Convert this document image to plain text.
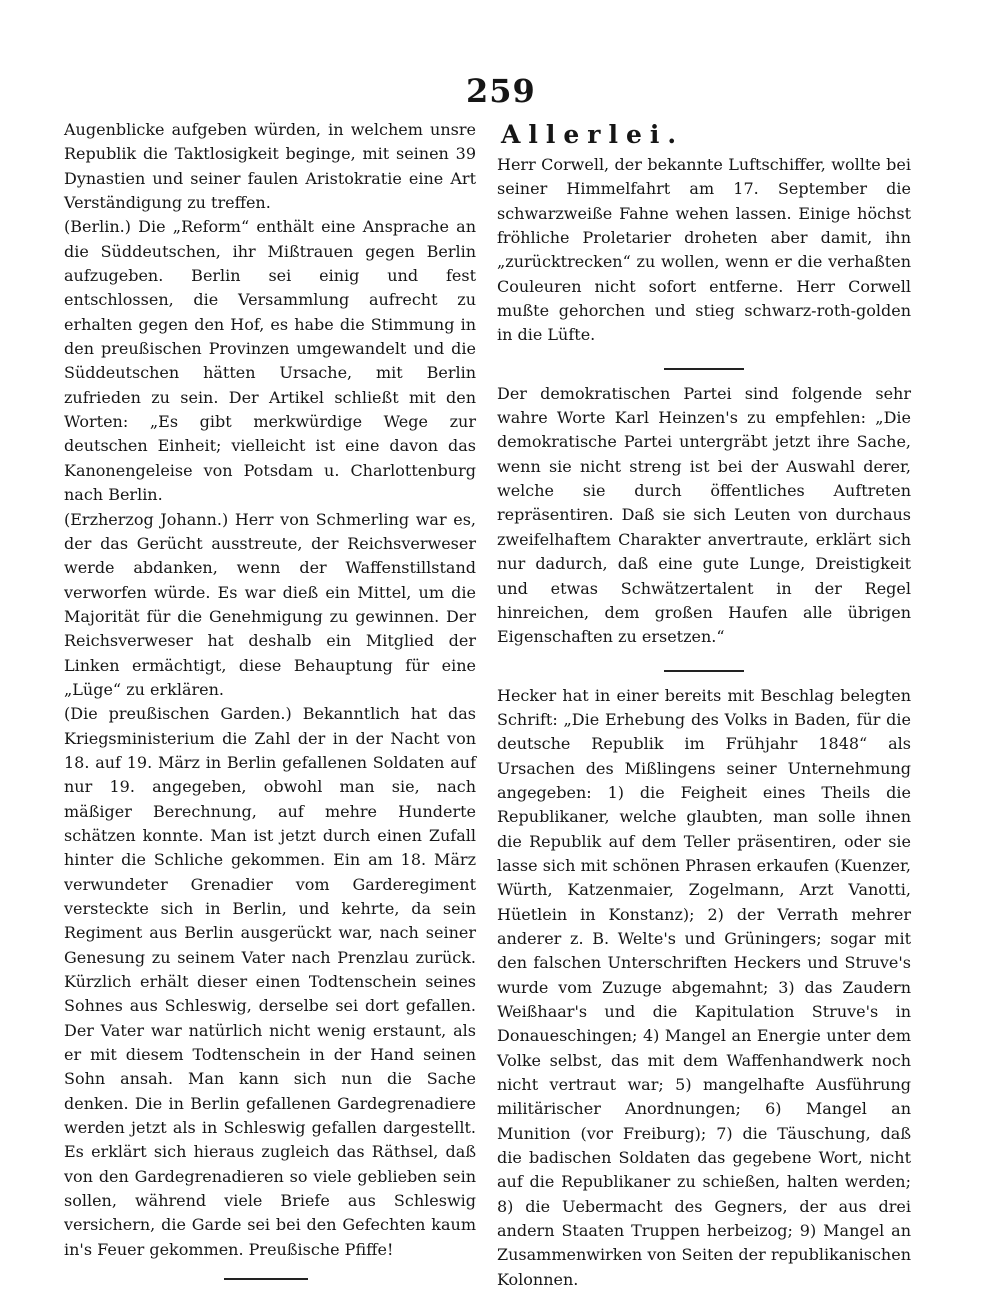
259

Augenblicke aufgeben würden, in welchem unsre Republik die Taktlosigkeit beginge, mit seinen 39 Dynastien und seiner faulen Aristokratie eine Art Verständigung zu treffen.

(Berlin.) Die „Reform“ enthält eine Ansprache an die Süddeutschen, ihr Mißtrauen gegen Berlin aufzugeben. Berlin sei einig und fest entschlossen, die Versammlung aufrecht zu erhalten gegen den Hof, es habe die Stimmung in den preußischen Provinzen umgewandelt und die Süddeutschen hätten Ursache, mit Berlin zufrieden zu sein. Der Artikel schließt mit den Worten: „Es gibt merkwürdige Wege zur deutschen Einheit; vielleicht ist eine davon das Kanonengeleise von Potsdam u. Charlottenburg nach Berlin.

(Erzherzog Johann.) Herr von Schmerling war es, der das Gerücht ausstreute, der Reichsverweser werde abdanken, wenn der Waffenstillstand verworfen würde. Es war dieß ein Mittel, um die Majorität für die Genehmigung zu gewinnen. Der Reichsverweser hat deshalb ein Mitglied der Linken ermächtigt, diese Behauptung für eine „Lüge“ zu erklären.

(Die preußischen Garden.) Bekanntlich hat das Kriegsministerium die Zahl der in der Nacht von 18. auf 19. März in Berlin gefallenen Soldaten auf nur 19. angegeben, obwohl man sie, nach mäßiger Berechnung, auf mehre Hunderte schätzen konnte. Man ist jetzt durch einen Zufall hinter die Schliche gekommen. Ein am 18. März verwundeter Grenadier vom Garderegiment versteckte sich in Berlin, und kehrte, da sein Regiment aus Berlin ausgerückt war, nach seiner Genesung zu seinem Vater nach Prenzlau zurück. Kürzlich erhält dieser einen Todtenschein seines Sohnes aus Schleswig, derselbe sei dort gefallen. Der Vater war natürlich nicht wenig erstaunt, als er mit diesem Todtenschein in der Hand seinen Sohn ansah. Man kann sich nun die Sache denken. Die in Berlin gefallenen Gardegrenadiere werden jetzt als in Schleswig gefallen dargestellt. Es erklärt sich hieraus zugleich das Räthsel, daß von den Gardegrenadieren so viele geblieben sein sollen, während viele Briefe aus Schleswig versichern, die Garde sei bei den Gefechten kaum in's Feuer gekommen. Preußische Pfiffe!

Allerlei.

Herr Corwell, der bekannte Luftschiffer, wollte bei seiner Himmelfahrt am 17. September die schwarzweiße Fahne wehen lassen. Einige höchst fröhliche Proletarier droheten aber damit, ihn „zurücktrecken“ zu wollen, wenn er die verhaßten Couleuren nicht sofort entferne. Herr Corwell mußte gehorchen und stieg schwarz-roth-golden in die Lüfte.

Der demokratischen Partei sind folgende sehr wahre Worte Karl Heinzen's zu empfehlen: „Die demokratische Partei untergräbt jetzt ihre Sache, wenn sie nicht streng ist bei der Auswahl derer, welche sie durch öffentliches Auftreten repräsentiren. Daß sie sich Leuten von durchaus zweifelhaftem Charakter anvertraute, erklärt sich nur dadurch, daß eine gute Lunge, Dreistigkeit und etwas Schwätzertalent in der Regel hinreichen, dem großen Haufen alle übrigen Eigenschaften zu ersetzen.“

Hecker hat in einer bereits mit Beschlag belegten Schrift: „Die Erhebung des Volks in Baden, für die deutsche Republik im Frühjahr 1848“ als Ursachen des Mißlingens seiner Unternehmung angegeben: 1) die Feigheit eines Theils die Republikaner, welche glaubten, man solle ihnen die Republik auf dem Teller präsentiren, oder sie lasse sich mit schönen Phrasen erkaufen (Kuenzer, Würth, Katzenmaier, Zogelmann, Arzt Vanotti, Hüetlein in Konstanz); 2) der Verrath mehrer anderer z. B. Welte's und Grüningers; sogar mit den falschen Unterschriften Heckers und Struve's wurde vom Zuzuge abgemahnt; 3) das Zaudern Weißhaar's und die Kapitulation Struve's in Donaueschingen; 4) Mangel an Energie unter dem Volke selbst, das mit dem Waffenhandwerk noch nicht vertraut war; 5) mangelhafte Ausführung militärischer Anordnungen; 6) Mangel an Munition (vor Freiburg); 7) die Täuschung, daß die badischen Soldaten das gegebene Wort, nicht auf die Republikaner zu schießen, halten werden; 8) die Uebermacht des Gegners, der aus drei andern Staaten Truppen herbeizog; 9) Mangel an Zusammenwirken von Seiten der republikanischen Kolonnen.
